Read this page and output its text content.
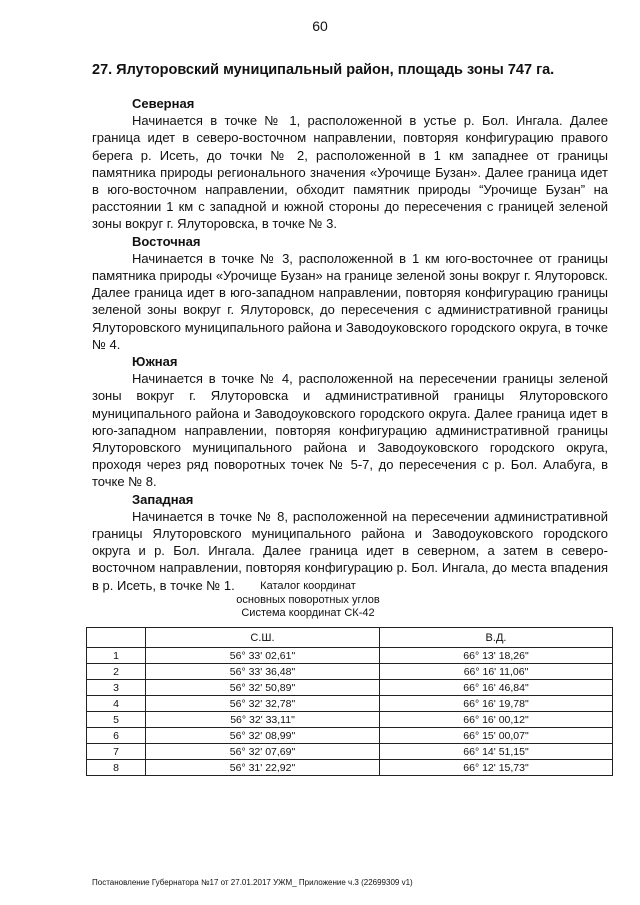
60
27. Ялуторовский муниципальный район, площадь зоны 747 га.
Северная

Начинается в точке № 1, расположенной в устье р. Бол. Ингала. Далее граница идет в северо-восточном направлении, повторяя конфигурацию правого берега р. Исеть, до точки № 2, расположенной в 1 км западнее от границы памятника природы регионального значения «Урочище Бузан». Далее граница идет в юго-восточном направлении, обходит памятник природы “Урочище Бузан” на расстоянии 1 км с западной и южной стороны до пересечения с границей зеленой зоны вокруг г. Ялуторовска, в точке № 3.

Восточная

Начинается в точке № 3, расположенной в 1 км юго-восточнее от границы памятника природы «Урочище Бузан» на границе зеленой зоны вокруг г. Ялуторовск. Далее граница идет в юго-западном направлении, повторяя конфигурацию границы зеленой зоны вокруг г. Ялуторовск, до пересечения с административной границы Ялуторовского муниципального района и Заводоуковского городского округа, в точке № 4.

Южная

Начинается в точке № 4, расположенной на пересечении границы зеленой зоны вокруг г. Ялуторовска и административной границы Ялуторовского муниципального района и Заводоуковского городского округа. Далее граница идет в юго-западном направлении, повторяя конфигурацию административной границы Ялуторовского муниципального района и Заводоуковского городского округа, проходя через ряд поворотных точек № 5-7, до пересечения с р. Бол. Алабуга, в точке № 8.

Западная

Начинается в точке № 8, расположенной на пересечении административной границы Ялуторовского муниципального района и Заводоуковского городского округа и р. Бол. Ингала. Далее граница идет в северном, а затем в северо-восточном направлении, повторяя конфигурацию р. Бол. Ингала, до места впадения в р. Исеть, в точке № 1.	Каталог координат
основных поворотных углов
Система координат СК-42
	С.Ш.	В.Д.
1	56° 33' 02,61"	66° 13' 18,26"
2	56° 33' 36,48"	66° 16' 11,06"
3	56° 32' 50,89"	66° 16' 46,84"
4	56° 32' 32,78"	66° 16' 19,78"
5	56° 32' 33,11"	66° 16' 00,12"
6	56° 32' 08,99"	66° 15' 00,07"
7	56° 32' 07,69"	66° 14' 51,15"
8	56° 31' 22,92"	66° 12' 15,73"
Постановление Губернатора №17 от 27.01.2017 УЖМ_ Приложение ч.3 (22699309 v1)
